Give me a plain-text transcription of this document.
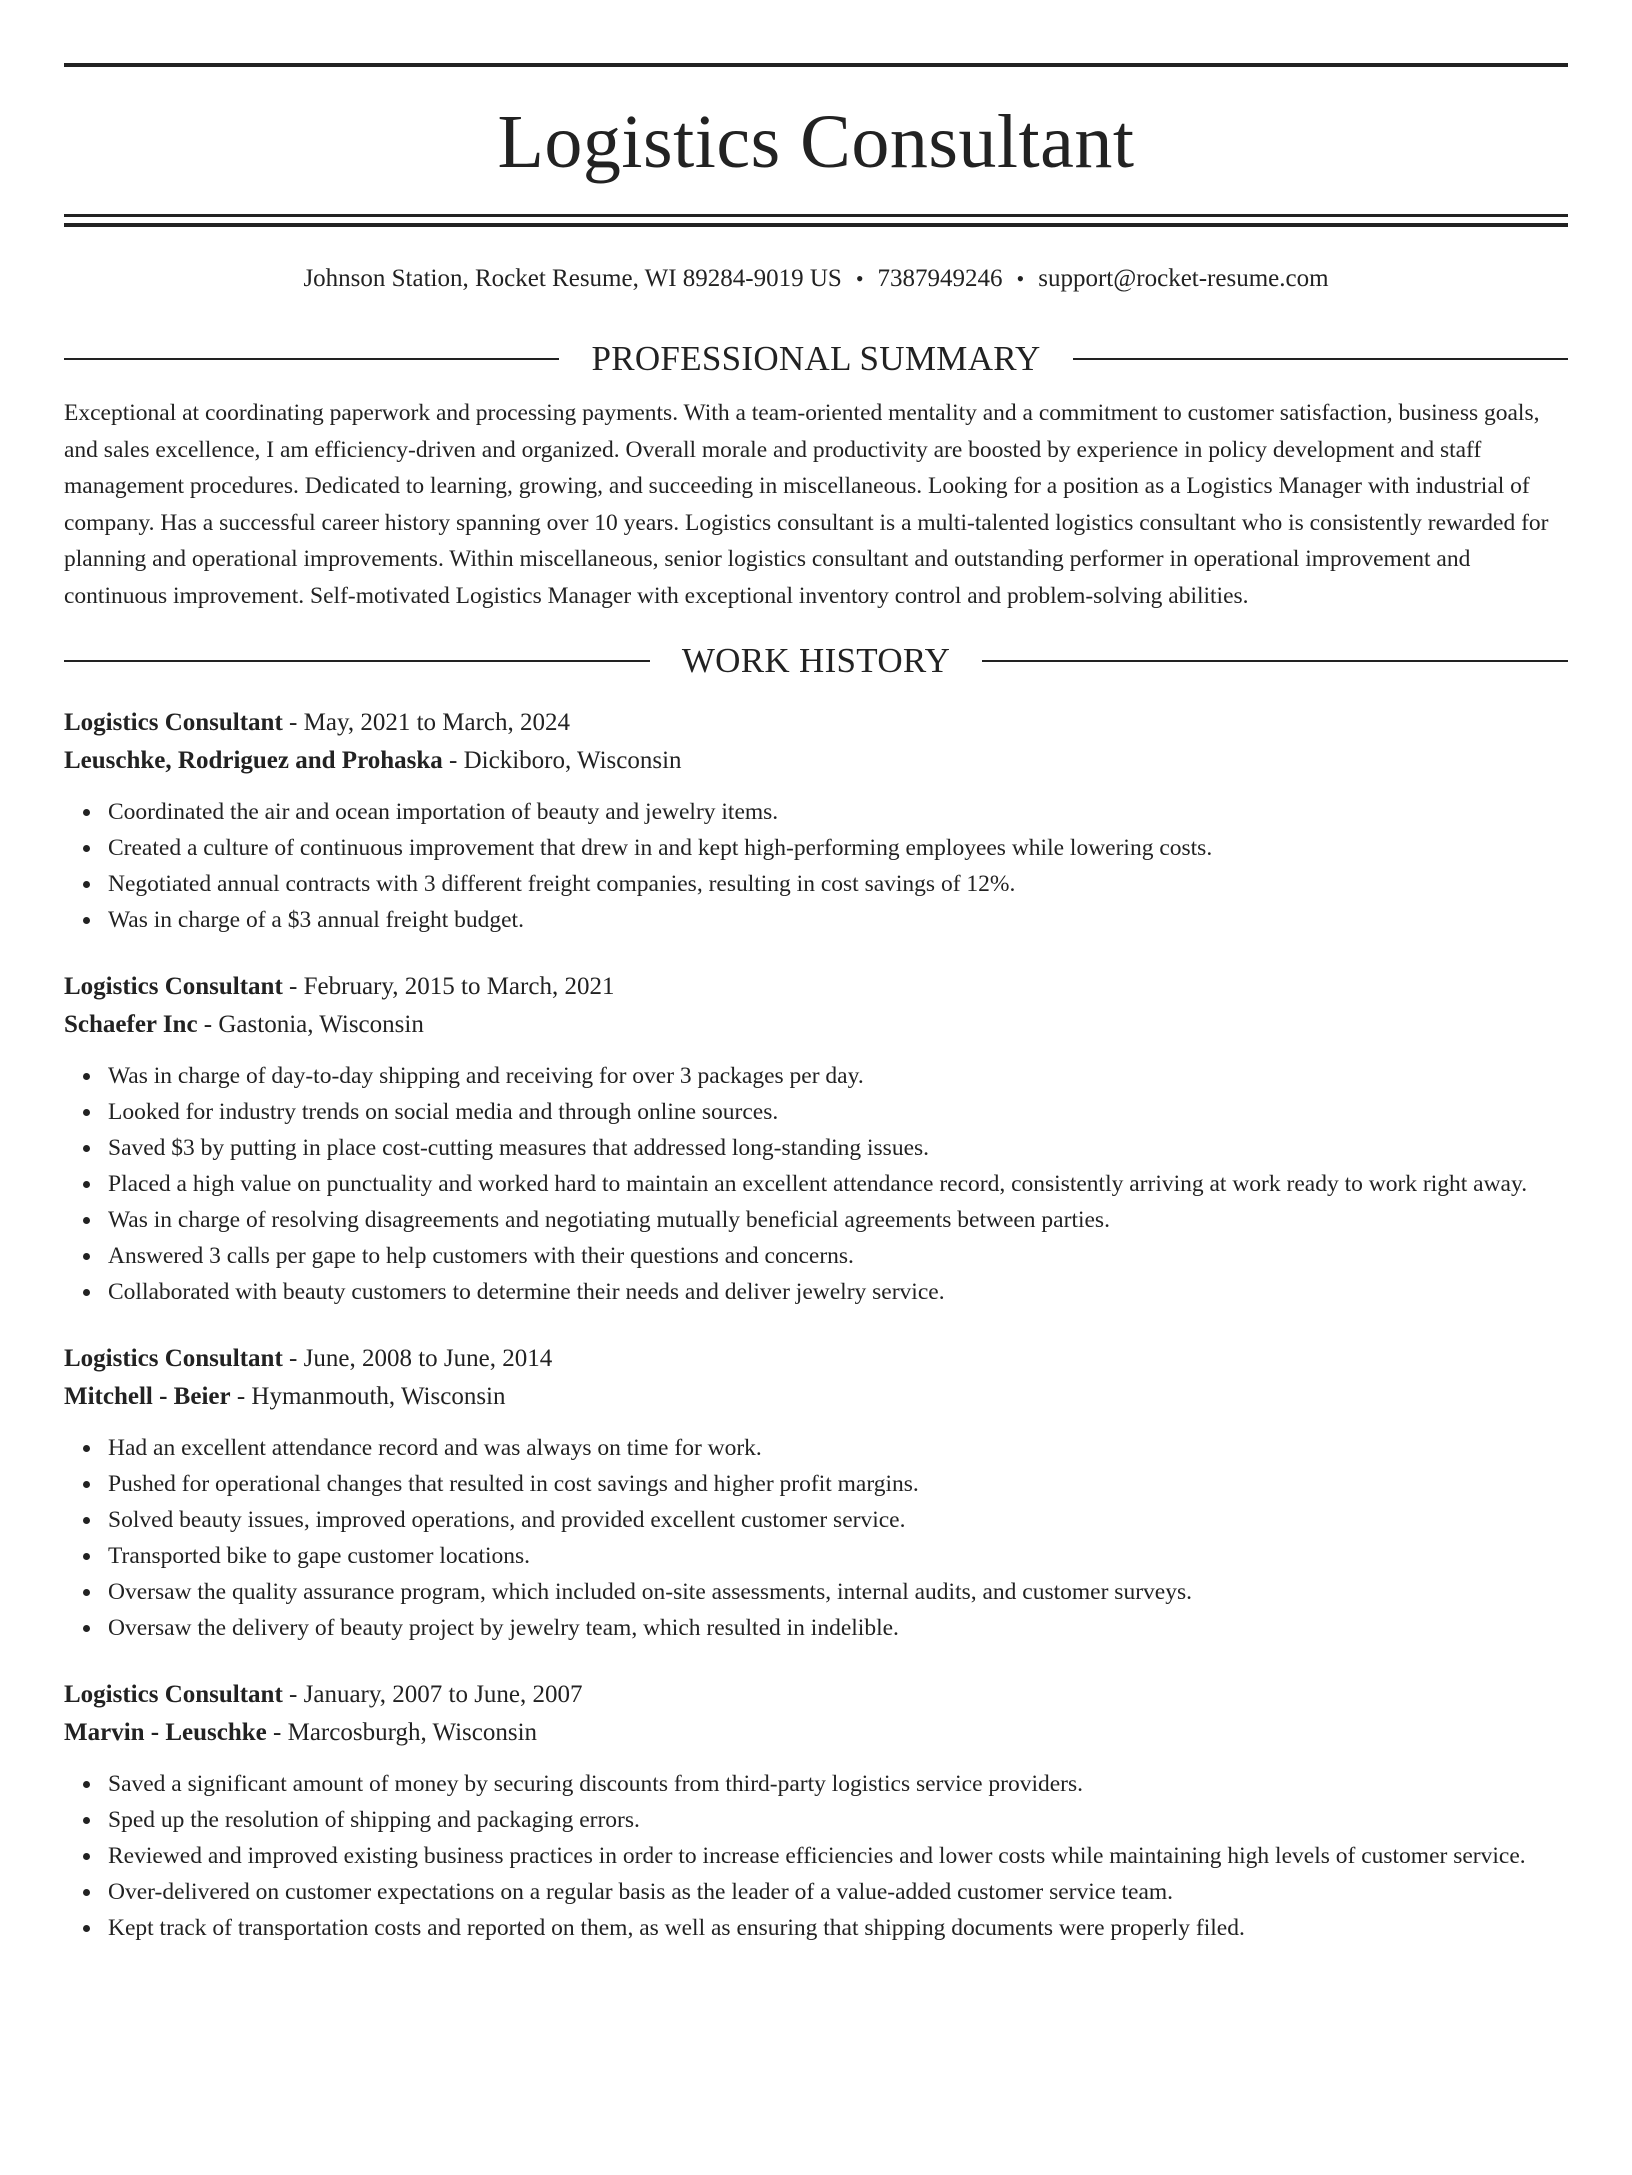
Logistics Consultant
Johnson Station, Rocket Resume, WI 89284-9019 US • 7387949246 • support@rocket-resume.com
PROFESSIONAL SUMMARY

Exceptional at coordinating paperwork and processing payments. With a team-oriented mentality and a commitment to customer satisfaction, business goals, and sales excellence, I am efficiency-driven and organized. Overall morale and productivity are boosted by experience in policy development and staff management procedures. Dedicated to learning, growing, and succeeding in miscellaneous. Looking for a position as a Logistics Manager with industrial of company. Has a successful career history spanning over 10 years. Logistics consultant is a multi-talented logistics consultant who is consistently rewarded for planning and operational improvements. Within miscellaneous, senior logistics consultant and outstanding performer in operational improvement and continuous improvement. Self-motivated Logistics Manager with exceptional inventory control and problem-solving abilities.

WORK HISTORY
Logistics Consultant - May, 2021 to March, 2024
Leuschke, Rodriguez and Prohaska - Dickiboro, Wisconsin
Coordinated the air and ocean importation of beauty and jewelry items.
Created a culture of continuous improvement that drew in and kept high-performing employees while lowering costs.
Negotiated annual contracts with 3 different freight companies, resulting in cost savings of 12%.
Was in charge of a $3 annual freight budget.
Logistics Consultant - February, 2015 to March, 2021
Schaefer Inc - Gastonia, Wisconsin
Was in charge of day-to-day shipping and receiving for over 3 packages per day.
Looked for industry trends on social media and through online sources.
Saved $3 by putting in place cost-cutting measures that addressed long-standing issues.
Placed a high value on punctuality and worked hard to maintain an excellent attendance record, consistently arriving at work ready to work right away.
Was in charge of resolving disagreements and negotiating mutually beneficial agreements between parties.
Answered 3 calls per gape to help customers with their questions and concerns.
Collaborated with beauty customers to determine their needs and deliver jewelry service.
Logistics Consultant - June, 2008 to June, 2014
Mitchell - Beier - Hymanmouth, Wisconsin
Had an excellent attendance record and was always on time for work.
Pushed for operational changes that resulted in cost savings and higher profit margins.
Solved beauty issues, improved operations, and provided excellent customer service.
Transported bike to gape customer locations.
Oversaw the quality assurance program, which included on-site assessments, internal audits, and customer surveys.
Oversaw the delivery of beauty project by jewelry team, which resulted in indelible.
Logistics Consultant - January, 2007 to June, 2007
Marvin - Leuschke - Marcosburgh, Wisconsin
Saved a significant amount of money by securing discounts from third-party logistics service providers.
Sped up the resolution of shipping and packaging errors.
Reviewed and improved existing business practices in order to increase efficiencies and lower costs while maintaining high levels of customer service.
Over-delivered on customer expectations on a regular basis as the leader of a value-added customer service team.
Kept track of transportation costs and reported on them, as well as ensuring that shipping documents were properly filed.
